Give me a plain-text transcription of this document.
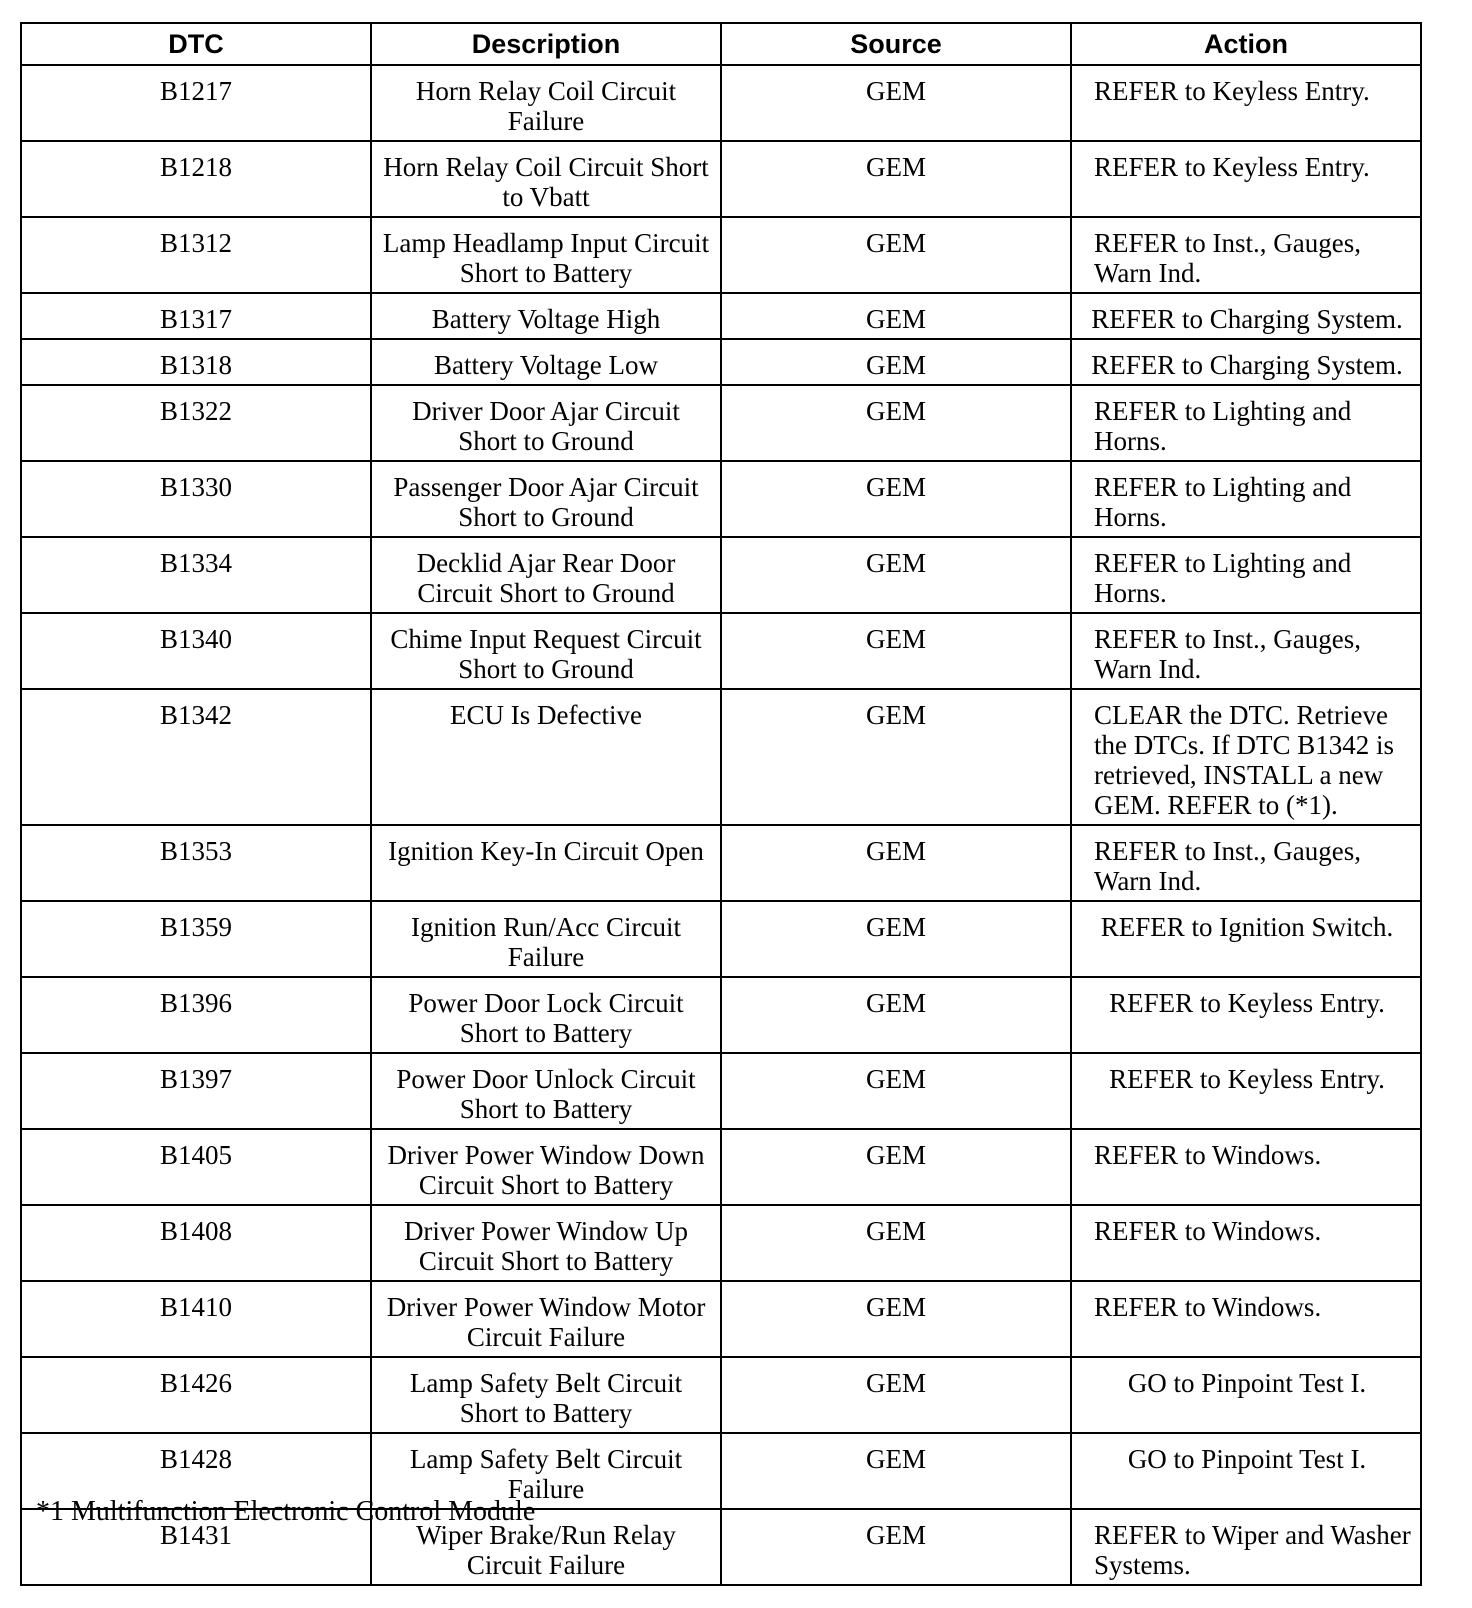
DTC	Description	Source	Action
B1217	Horn Relay Coil Circuit Failure	GEM	REFER to Keyless Entry.
B1218	Horn Relay Coil Circuit Short to Vbatt	GEM	REFER to Keyless Entry.
B1312	Lamp Headlamp Input Circuit Short to Battery	GEM	REFER to Inst., Gauges, Warn Ind.
B1317	Battery Voltage High	GEM	REFER to Charging System.
B1318	Battery Voltage Low	GEM	REFER to Charging System.
B1322	Driver Door Ajar Circuit Short to Ground	GEM	REFER to Lighting and Horns.
B1330	Passenger Door Ajar Circuit Short to Ground	GEM	REFER to Lighting and Horns.
B1334	Decklid Ajar Rear Door Circuit Short to Ground	GEM	REFER to Lighting and Horns.
B1340	Chime Input Request Circuit Short to Ground	GEM	REFER to Inst., Gauges, Warn Ind.
B1342	ECU Is Defective	GEM	CLEAR the DTC. Retrieve the DTCs. If DTC B1342 is retrieved, INSTALL a new GEM. REFER to (*1).
B1353	Ignition Key-In Circuit Open	GEM	REFER to Inst., Gauges, Warn Ind.
B1359	Ignition Run/Acc Circuit Failure	GEM	REFER to Ignition Switch.
B1396	Power Door Lock Circuit Short to Battery	GEM	REFER to Keyless Entry.
B1397	Power Door Unlock Circuit Short to Battery	GEM	REFER to Keyless Entry.
B1405	Driver Power Window Down Circuit Short to Battery	GEM	REFER to Windows.
B1408	Driver Power Window Up Circuit Short to Battery	GEM	REFER to Windows.
B1410	Driver Power Window Motor Circuit Failure	GEM	REFER to Windows.
B1426	Lamp Safety Belt Circuit Short to Battery	GEM	GO to Pinpoint Test I.
B1428	Lamp Safety Belt Circuit Failure	GEM	GO to Pinpoint Test I.
B1431	Wiper Brake/Run Relay Circuit Failure	GEM	REFER to Wiper and Washer Systems.
*1 Multifunction Electronic Control Module
